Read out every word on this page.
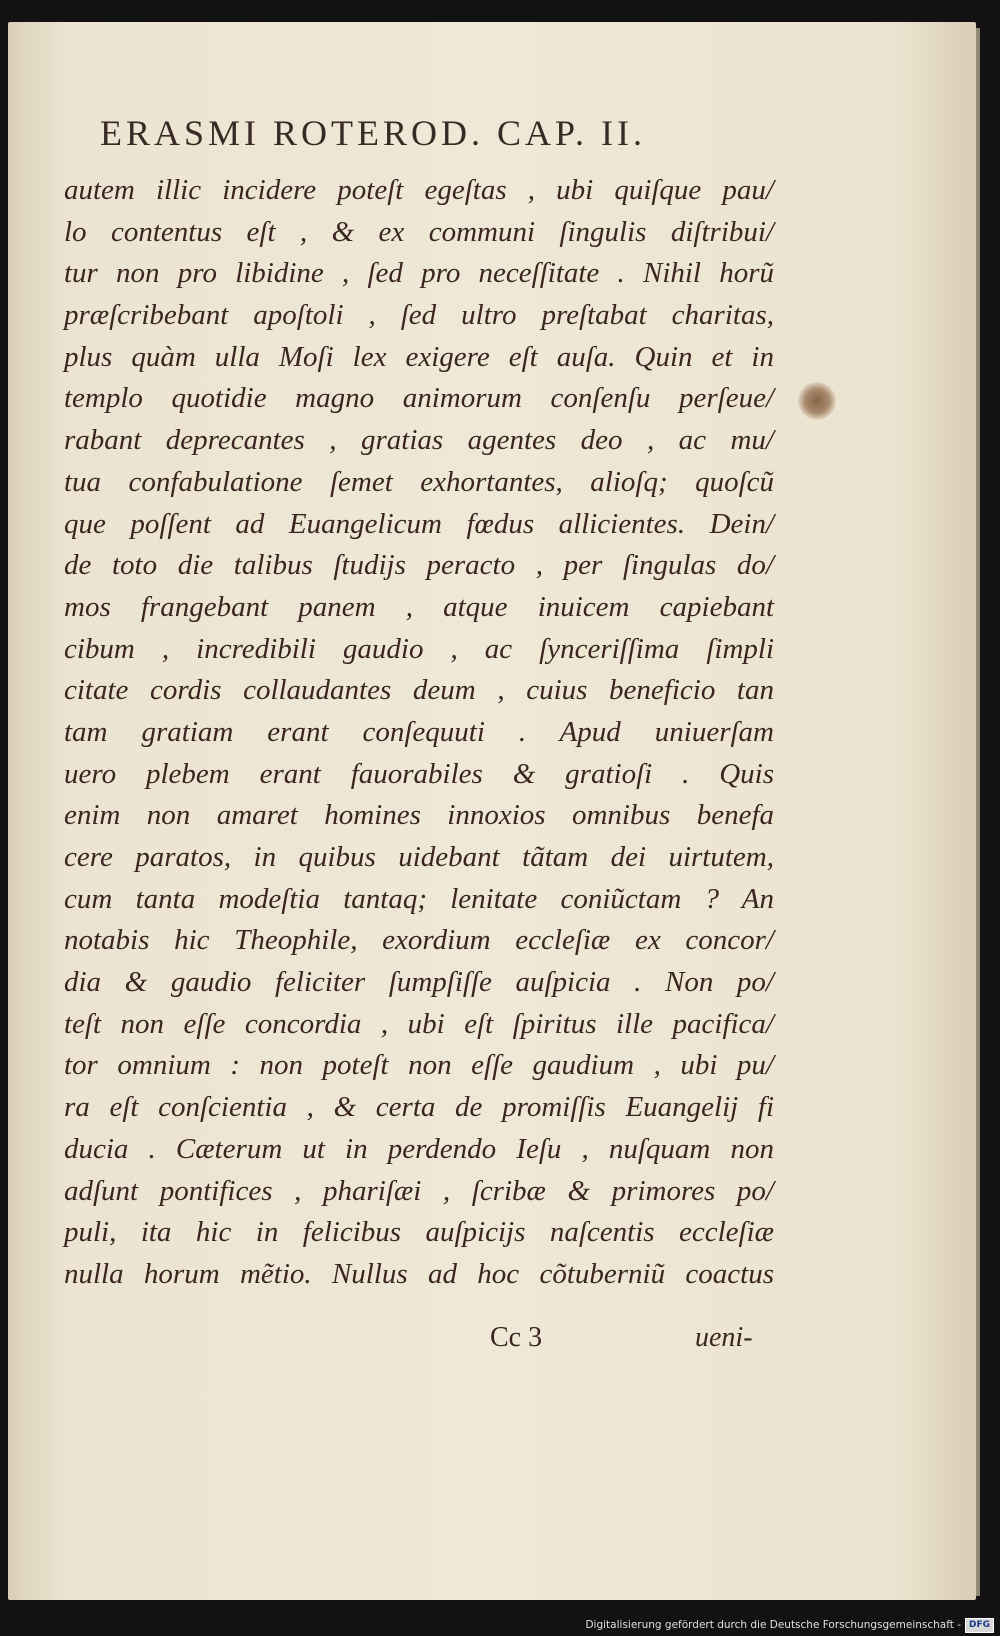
ERASMI ROTEROD. CAP. II.
autem illic incidere poteſt egeſtas , ubi quiſque pau/
lo contentus eſt , & ex communi ſingulis diſtribui/
tur non pro libidine , ſed pro neceſſitate . Nihil horũ
præſcribebant apoſtoli , ſed ultro preſtabat charitas,
plus quàm ulla Moſi lex exigere eſt auſa. Quin et in
templo quotidie magno animorum conſenſu perſeue/
rabant deprecantes , gratias agentes deo , ac mu/
tua confabulatione ſemet exhortantes, alioſq; quoſcũ
que poſſent ad Euangelicum fœdus allicientes. Dein/
de toto die talibus ſtudijs peracto , per ſingulas do/
mos frangebant panem , atque inuicem capiebant
cibum , incredibili gaudio , ac ſynceriſſima ſimpli
citate cordis collaudantes deum , cuius beneficio tan
tam gratiam erant conſequuti . Apud uniuerſam
uero plebem erant fauorabiles & gratioſi . Quis
enim non amaret homines innoxios omnibus benefa
cere paratos, in quibus uidebant tãtam dei uirtutem,
cum tanta modeſtia tantaq; lenitate coniũctam ? An
notabis hic Theophile, exordium eccleſiæ ex concor/
dia & gaudio feliciter ſumpſiſſe auſpicia . Non po/
teſt non eſſe concordia , ubi eſt ſpiritus ille pacifica/
tor omnium : non poteſt non eſſe gaudium , ubi pu/
ra eſt conſcientia , & certa de promiſſis Euangelij fi
ducia . Cæterum ut in perdendo Ieſu , nuſquam non
adſunt pontifices , phariſæi , ſcribæ & primores po/
puli, ita hic in felicibus auſpicijs naſcentis eccleſiæ
nulla horum mẽtio. Nullus ad hoc cõtuberniũ coactus
Cc 3	ueni-
Digitalisierung gefördert durch die Deutsche Forschungsgemeinschaft - DFG
